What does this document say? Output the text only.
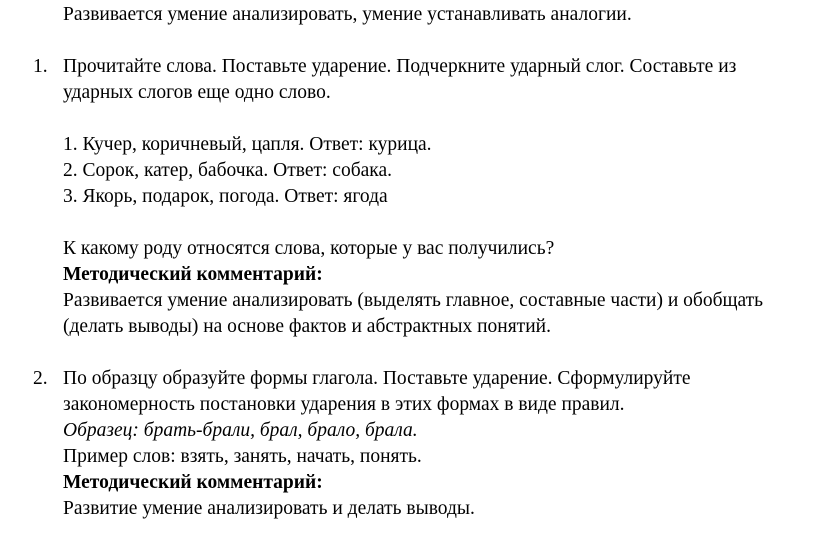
Развивается умение анализировать, умение устанавливать аналогии.
1. Прочитайте слова. Поставьте ударение. Подчеркните ударный слог. Составьте из
ударных слогов еще одно слово.
1. Кучер, коричневый, цапля. Ответ: курица.
2. Сорок, катер, бабочка. Ответ: собака.
3. Якорь, подарок, погода. Ответ: ягода
К какому роду относятся слова, которые у вас получились?
Методический комментарий:
Развивается умение анализировать (выделять главное, составные части) и обобщать
(делать выводы) на основе фактов и абстрактных понятий.
2. По образцу образуйте формы глагола. Поставьте ударение. Сформулируйте
закономерность постановки ударения в этих формах в виде правил.
Образец: брать-брали, брал, брало, брала.
Пример слов: взять, занять, начать, понять.
Методический комментарий:
Развитие умение анализировать и делать выводы.
